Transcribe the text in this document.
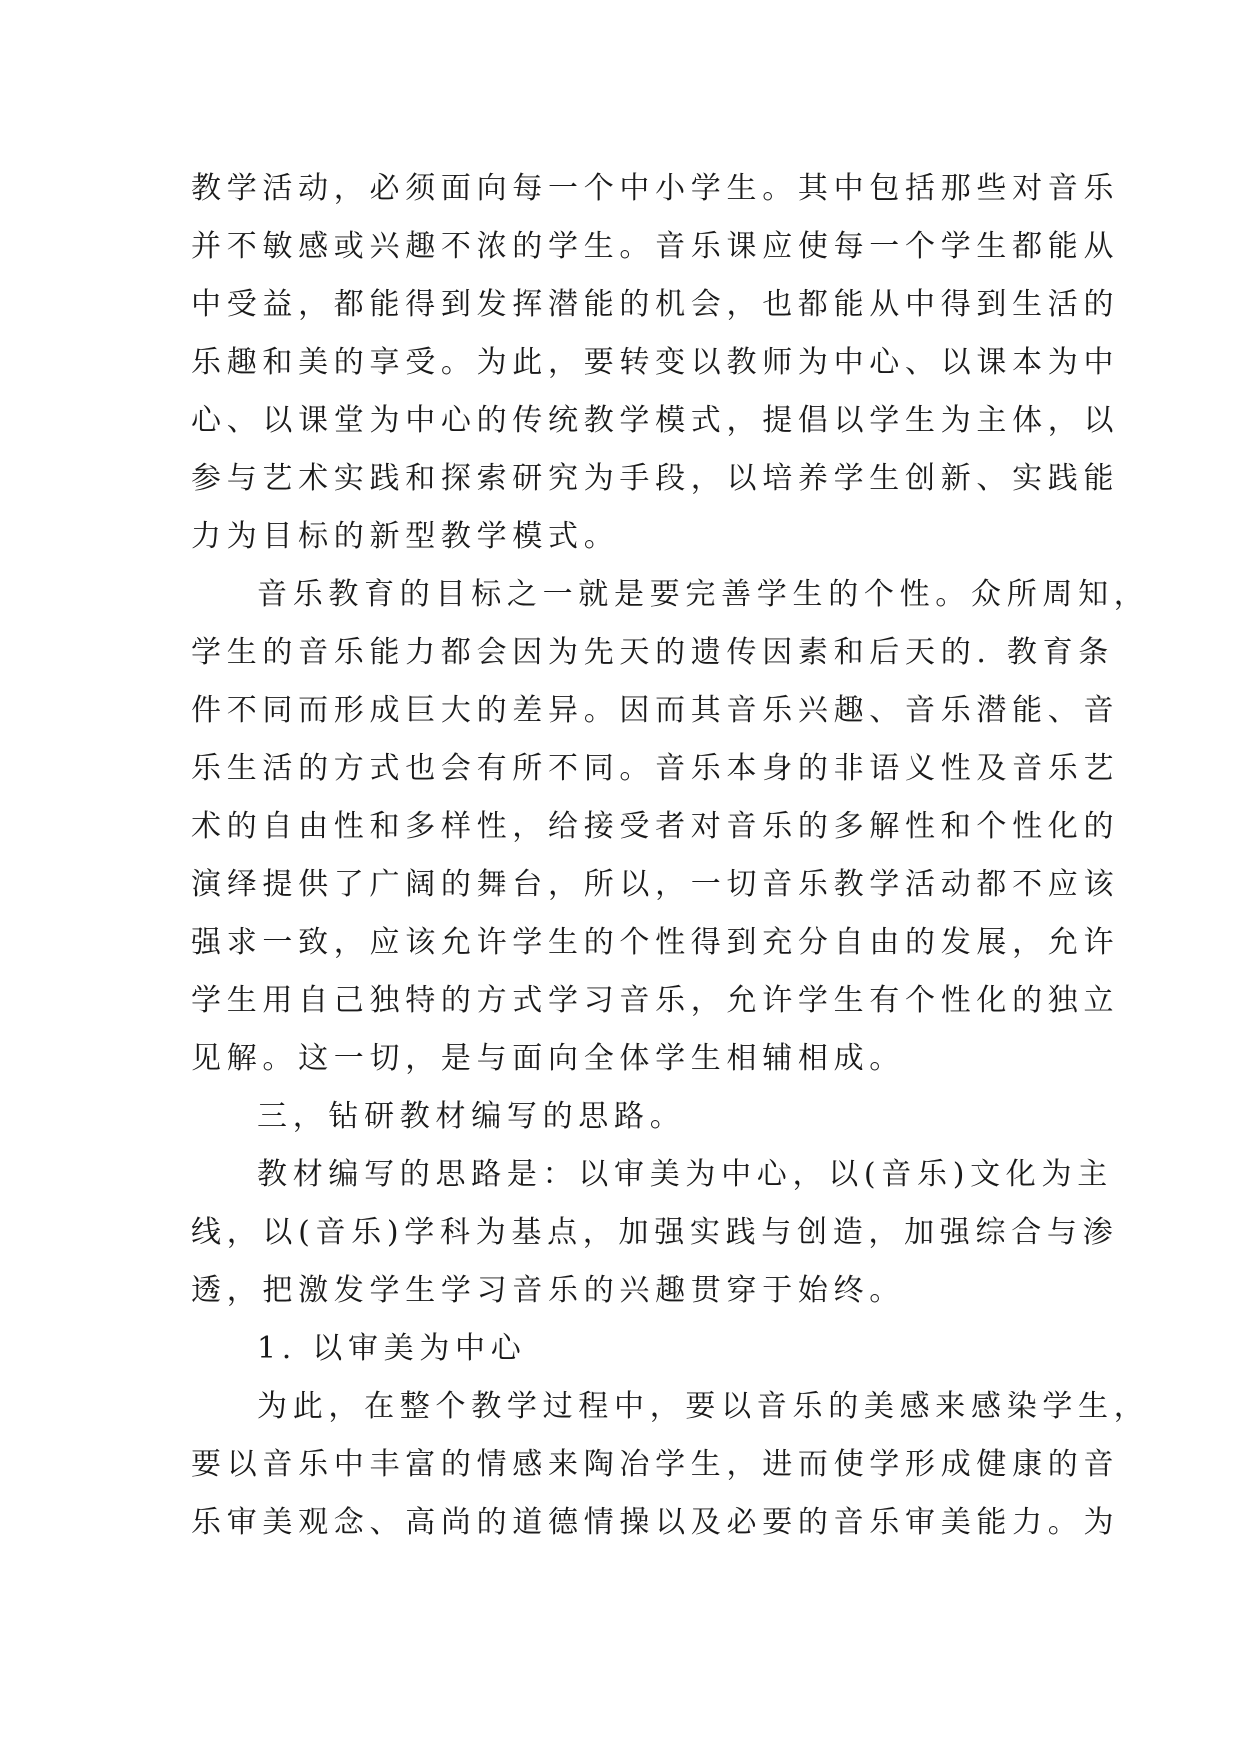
教学活动，必须面向每一个中小学生。其中包括那些对音乐
并不敏感或兴趣不浓的学生。音乐课应使每一个学生都能从
中受益，都能得到发挥潜能的机会，也都能从中得到生活的
乐趣和美的享受。为此，要转变以教师为中心、以课本为中
心、以课堂为中心的传统教学模式，提倡以学生为主体，以
参与艺术实践和探索研究为手段，以培养学生创新、实践能
力为目标的新型教学模式。
音乐教育的目标之一就是要完善学生的个性。众所周知，
学生的音乐能力都会因为先天的遗传因素和后天的. 教育条
件不同而形成巨大的差异。因而其音乐兴趣、音乐潜能、音
乐生活的方式也会有所不同。音乐本身的非语义性及音乐艺
术的自由性和多样性，给接受者对音乐的多解性和个性化的
演绎提供了广阔的舞台，所以，一切音乐教学活动都不应该
强求一致，应该允许学生的个性得到充分自由的发展，允许
学生用自己独特的方式学习音乐，允许学生有个性化的独立
见解。这一切，是与面向全体学生相辅相成。
三，钻研教材编写的思路。
教材编写的思路是：以审美为中心，以(音乐)文化为主
线，以(音乐)学科为基点，加强实践与创造，加强综合与渗
透，把激发学生学习音乐的兴趣贯穿于始终。
1. 以审美为中心
为此，在整个教学过程中，要以音乐的美感来感染学生，
要以音乐中丰富的情感来陶冶学生，进而使学形成健康的音
乐审美观念、高尚的道德情操以及必要的音乐审美能力。为
